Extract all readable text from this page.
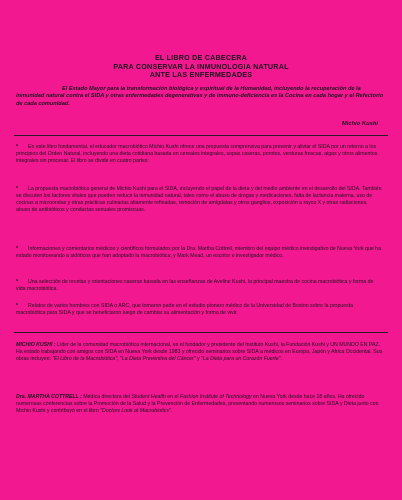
EL LIBRO DE CABECERA
PARA CONSERVAR LA INMUNOLOGIA NATURAL
ANTE LAS ENFERMEDADES
El Estado Mayor para la transformación biológica y espiritual de la Humanidad, incluyendo la recuperación de la inmunidad natural contra el SIDA y otras enfermedades degenerativas y de immuno-deficiencia es la Cocina en cada hogar y el Refectorio de cada comunidad.
Michio Kushi
* En este libro fundamental, el educador macrobiótico Michio Kushi ofrece una propuesta comprensiva para prevenir y aliviar el SIDA por un retorno a los principios del Orden Natural, incluyendo una dieta cotidiana basada en cereales integrales, sopas caseras, porotos, verduras frescas, algas y otros alimentos integrales sin procesar. El libro se divide en cuatro partes:
* La propuesta macrobiótica general de Michio Kushi para el SIDA, incluyendo el papel de la dieta y del medio ambiente en el desarrollo del SIDA. También se discuten los factores vitales que pueden reducir la inmunidad natural, tales como el abuso de drogas y medicaciones, falta de lactancia materna, uso de cocinas a microondas y otras prácticas culinarias altamente refinadas, remoción de amígdalas y otros ganglios, exposición a rayos X y otras radiaciones, abuso de antibióticos y conductas sexuales promiscuas.
* Informaciones y comentarios médicos y científicos formulados por la Dra. Martha Cottrell, miembro del equipo médico investigativo de Nueva York que ha estado monitoreando a sidóticos que han adoptado la macrobiótica; y Mark Mead, un escritor e investigador médico.
* Una selección de recetas y orientaciones caseras basada en las enseñanzas de Aveline Kushi, la principal maestra de cocina macrobiótica y forma de vida macrobiótica.
* Relatos de varios hombres con SIDA o ARC, que tomaron parte en el estudio pionero médico de la Universidad de Boston sobre la propuesta macrobiótica para SIDA y que se beneficiaron luego de cambiar su alimentación y forma de vivir.
MICHIO KUSHI : Líder de la comunidad macrobiótica internacional, es el fundador y presidente del Instituto Kushi, la Fundación Kushi y UN MUNDO EN PAZ. Ha estado trabajando con amigos con SIDA en Nueva York desde 1983 y ofrecido seminarios sobre SIDA a médicos en Europa, Japón y Africa Occidental. Sus obras incluyen: "El Libro de la Macrobiótica", "La Dieta Preventiva del Cáncer" y "La Dieta para un Corazón Fuerte".
Dra. MARTHA COTTRELL : Médica directora del Student Health en el Fashion Institute of Technology en Nueva York desde hace 18 años. Ha ofrecido numerosas conferencias sobre la Promoción de la Salud y la Prevención de Enfermedades, presentando numerosos seminarios sobre SIDA y Dieta junto con Michio Kushi y contribuyó en el libro "Doctors Look at Macrobiotics".
